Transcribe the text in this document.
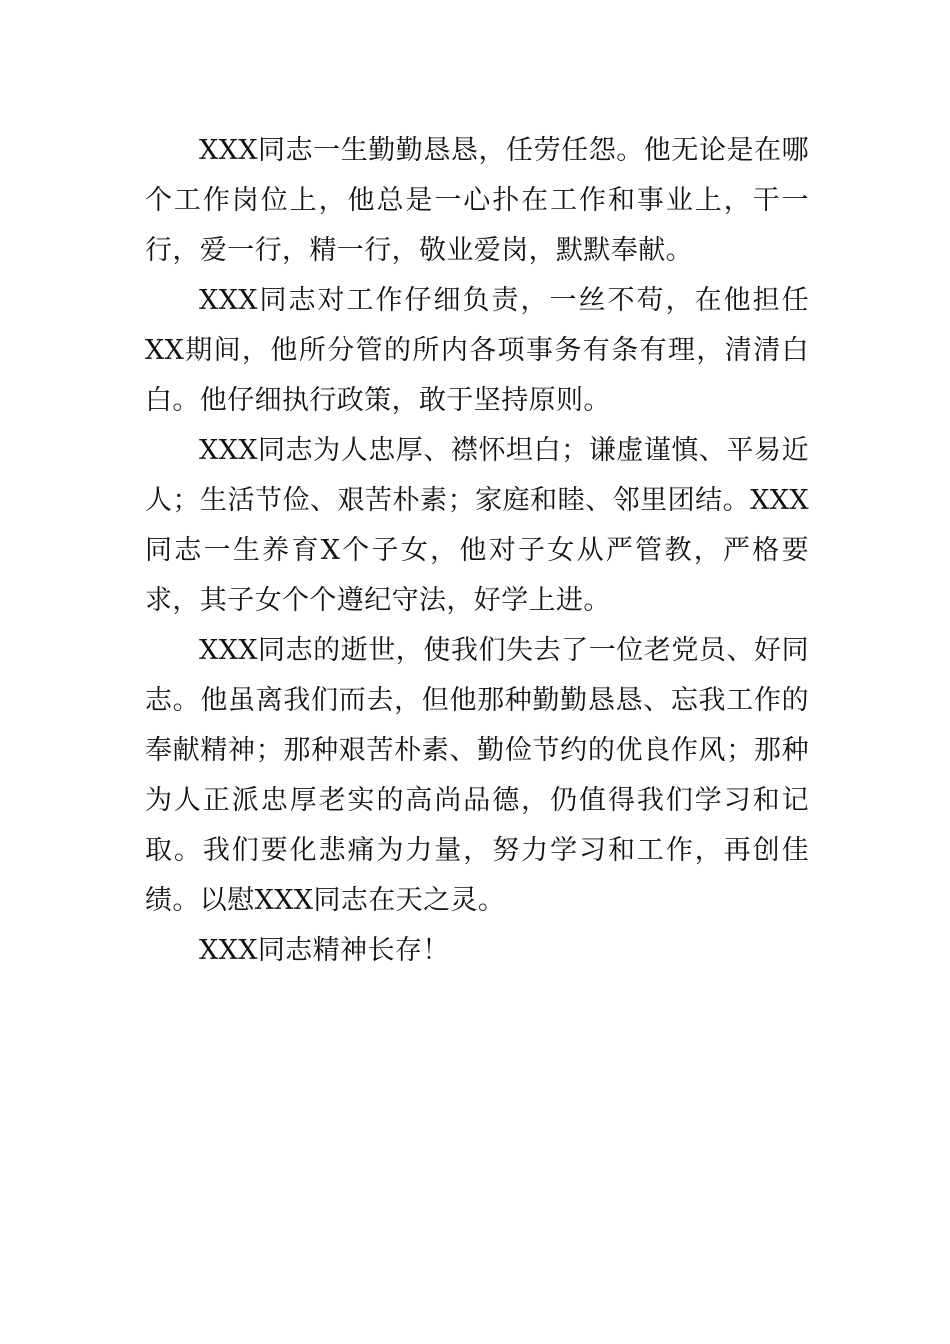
XXX同志一生勤勤恳恳，任劳任怨。他无论是在哪个工作岗位上，他总是一心扑在工作和事业上，干一行，爱一行，精一行，敬业爱岗，默默奉献。

XXX同志对工作仔细负责，一丝不苟，在他担任XX期间，他所分管的所内各项事务有条有理，清清白白。他仔细执行政策，敢于坚持原则。

XXX同志为人忠厚、襟怀坦白；谦虚谨慎、平易近人；生活节俭、艰苦朴素；家庭和睦、邻里团结。XXX同志一生养育X个子女，他对子女从严管教，严格要求，其子女个个遵纪守法，好学上进。

XXX同志的逝世，使我们失去了一位老党员、好同志。他虽离我们而去，但他那种勤勤恳恳、忘我工作的奉献精神；那种艰苦朴素、勤俭节约的优良作风；那种为人正派忠厚老实的高尚品德，仍值得我们学习和记取。我们要化悲痛为力量，努力学习和工作，再创佳绩。以慰XXX同志在天之灵。

XXX同志精神长存！
